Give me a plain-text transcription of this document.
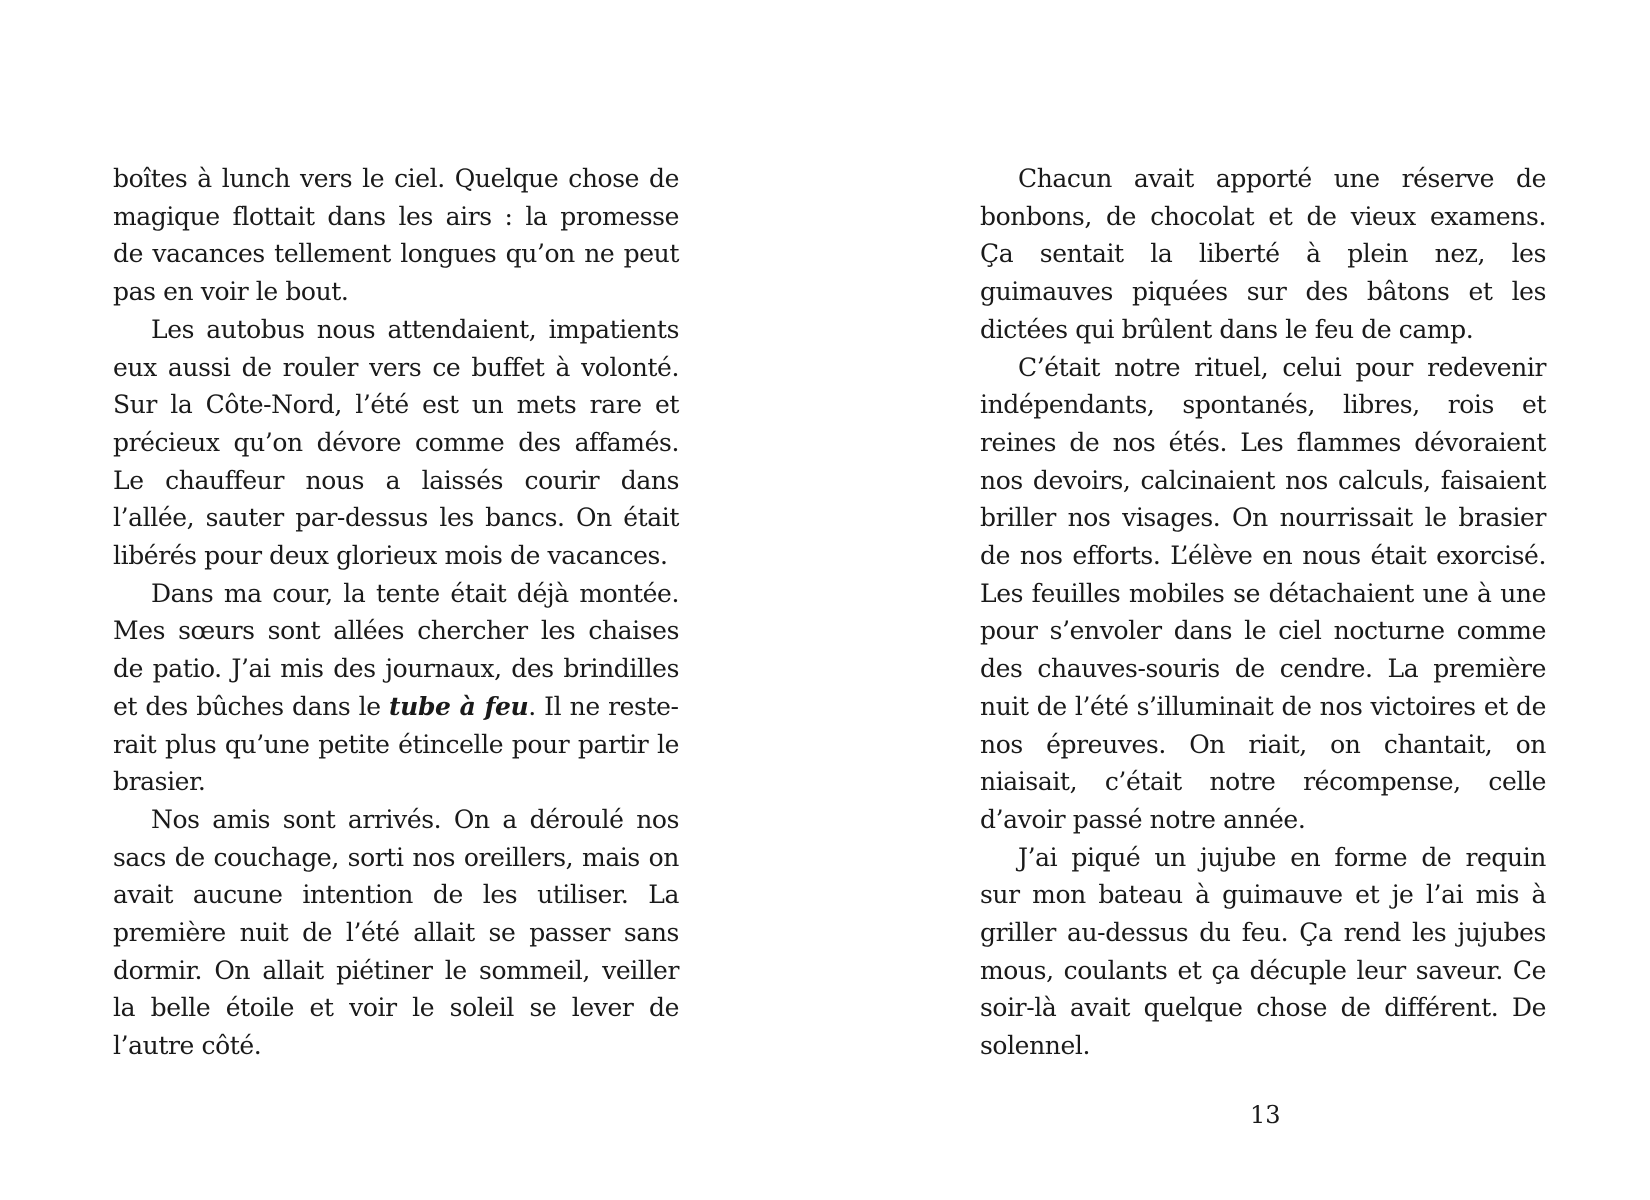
boîtes à lunch vers le ciel. Quelque chose de magique flottait dans les airs : la promesse de vacances tellement longues qu’on ne peut pas en voir le bout.

Les autobus nous attendaient, impatients eux aussi de rouler vers ce buffet à volonté. Sur la Côte-Nord, l’été est un mets rare et précieux qu’on dévore comme des affamés. Le chauffeur nous a laissés courir dans l’allée, sauter par-dessus les bancs. On était libérés pour deux glorieux mois de vacances.

Dans ma cour, la tente était déjà montée. Mes sœurs sont allées chercher les chaises de patio. J’ai mis des journaux, des brindilles et des bûches dans le tube à feu. Il ne resterait plus qu’une petite étincelle pour partir le brasier.

Nos amis sont arrivés. On a déroulé nos sacs de couchage, sorti nos oreillers, mais on avait aucune intention de les utiliser. La première nuit de l’été allait se passer sans dormir. On allait piétiner le sommeil, veiller la belle étoile et voir le soleil se lever de l’autre côté.

Chacun avait apporté une réserve de bonbons, de chocolat et de vieux examens. Ça sentait la liberté à plein nez, les guimauves piquées sur des bâtons et les dictées qui brûlent dans le feu de camp.

C’était notre rituel, celui pour redevenir indépendants, spontanés, libres, rois et reines de nos étés. Les flammes dévoraient nos devoirs, calcinaient nos calculs, faisaient briller nos visages. On nourrissait le brasier de nos efforts. L’élève en nous était exorcisé. Les feuilles mobiles se détachaient une à une pour s’envoler dans le ciel nocturne comme des chauves-souris de cendre. La première nuit de l’été s’illuminait de nos victoires et de nos épreuves. On riait, on chantait, on niaisait, c’était notre récompense, celle d’avoir passé notre année.

J’ai piqué un jujube en forme de requin sur mon bateau à guimauve et je l’ai mis à griller au-dessus du feu. Ça rend les jujubes mous, coulants et ça décuple leur saveur. Ce soir-là avait quelque chose de différent. De solennel.

13
